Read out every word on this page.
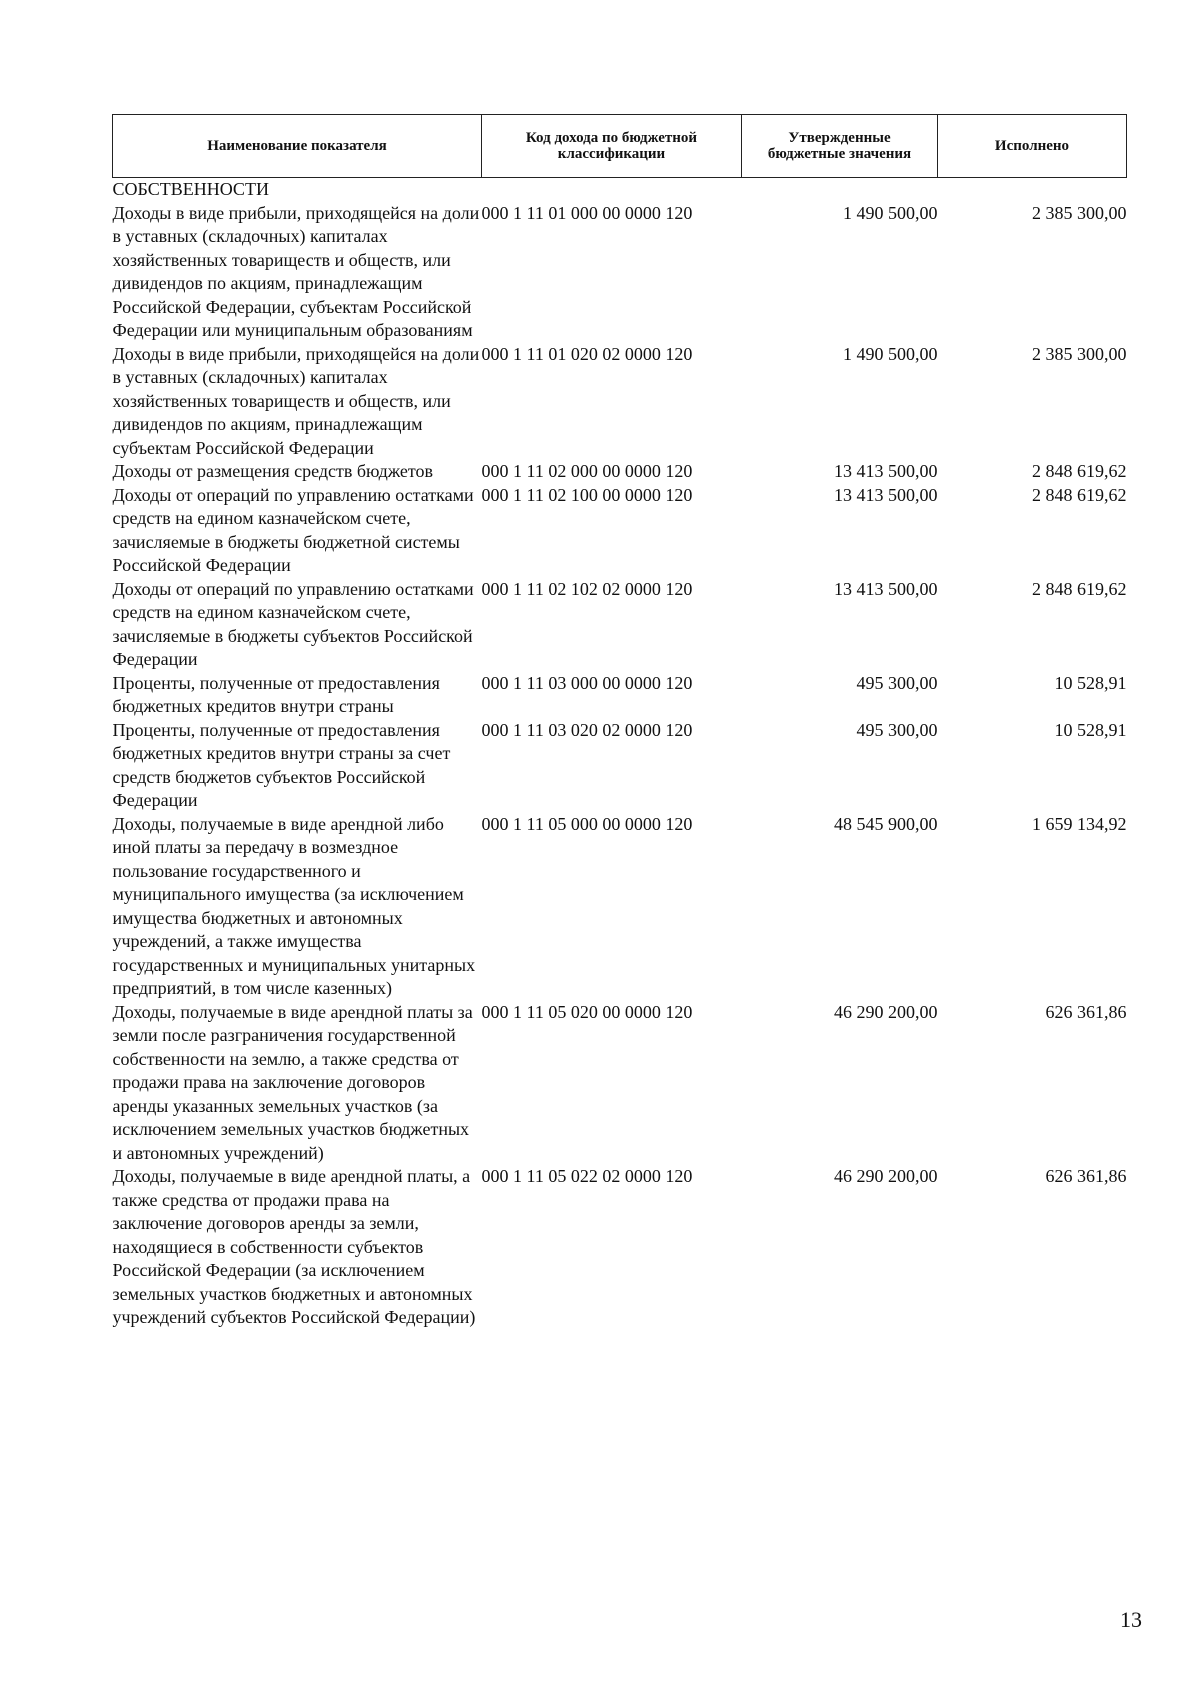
Наименование показателя	Код дохода по бюджетной классификации	Утвержденные бюджетные значения	Исполнено
СОБСТВЕННОСТИ			
Доходы в виде прибыли, приходящейся на доли в уставных (складочных) капиталах хозяйственных товариществ и обществ, или дивидендов по акциям, принадлежащим Российской Федерации, субъектам Российской Федерации или муниципальным образованиям	000 1 11 01 000 00 0000 120	1 490 500,00	2 385 300,00
Доходы в виде прибыли, приходящейся на доли в уставных (складочных) капиталах хозяйственных товариществ и обществ, или дивидендов по акциям, принадлежащим субъектам Российской Федерации	000 1 11 01 020 02 0000 120	1 490 500,00	2 385 300,00
Доходы от размещения средств бюджетов	000 1 11 02 000 00 0000 120	13 413 500,00	2 848 619,62
Доходы от операций по управлению остатками средств на едином казначейском счете, зачисляемые в бюджеты бюджетной системы Российской Федерации	000 1 11 02 100 00 0000 120	13 413 500,00	2 848 619,62
Доходы от операций по управлению остатками средств на едином казначейском счете, зачисляемые в бюджеты субъектов Российской Федерации	000 1 11 02 102 02 0000 120	13 413 500,00	2 848 619,62
Проценты, полученные от предоставления бюджетных кредитов внутри страны	000 1 11 03 000 00 0000 120	495 300,00	10 528,91
Проценты, полученные от предоставления бюджетных кредитов внутри страны за счет средств бюджетов субъектов Российской Федерации	000 1 11 03 020 02 0000 120	495 300,00	10 528,91
Доходы, получаемые в виде арендной либо иной платы за передачу в возмездное пользование государственного и муниципального имущества (за исключением имущества бюджетных и автономных учреждений, а также имущества государственных и муниципальных унитарных предприятий, в том числе казенных)	000 1 11 05 000 00 0000 120	48 545 900,00	1 659 134,92
Доходы, получаемые в виде арендной платы за земли после разграничения государственной собственности на землю, а также средства от продажи права на заключение договоров аренды указанных земельных участков (за исключением земельных участков бюджетных и автономных учреждений)	000 1 11 05 020 00 0000 120	46 290 200,00	626 361,86
Доходы, получаемые в виде арендной платы, а также средства от продажи права на заключение договоров аренды за земли, находящиеся в собственности субъектов Российской Федерации (за исключением земельных участков бюджетных и автономных учреждений субъектов Российской Федерации)	000 1 11 05 022 02 0000 120	46 290 200,00	626 361,86
13
